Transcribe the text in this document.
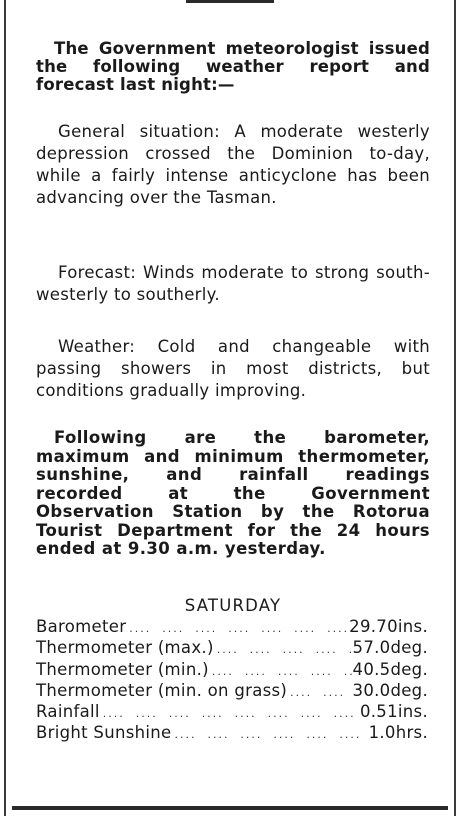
The Government meteorologist issued the following weather report and forecast last night:—

General situation: A moderate westerly depression crossed the Dominion to-day, while a fairly intense anticyclone has been advancing over the Tasman.

Forecast: Winds moderate to strong south-westerly to southerly.

Weather: Cold and changeable with passing showers in most districts, but conditions gradually improving.

Following are the barometer, maximum and minimum thermometer, sunshine, and rainfall readings recorded at the Government Observation Station by the Rotorua Tourist Department for the 24 hours ended at 9.30 a.m. yesterday.

SATURDAY

Barometer ....	29.70ins.
Thermometer (max.) ....	57.0deg.
Thermometer (min.) ....	40.5deg.
Thermometer (min. on grass) ....	30.0deg.
Rainfall ....	0.51ins.
Bright Sunshine ....	1.0hrs.
